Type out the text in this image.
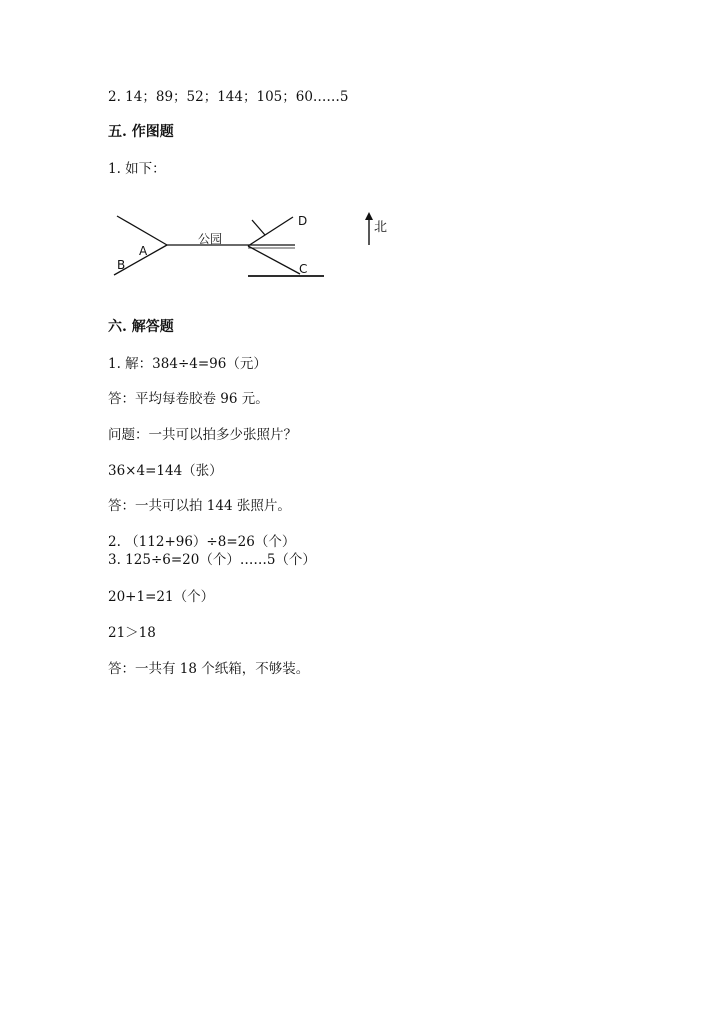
2. 14；89；52；144；105；60……5
五. 作图题
1. 如下：
公园
A
B
D
C
北
六. 解答题
1. 解：384÷4=96（元）
答：平均每卷胶卷 96 元。
问题：一共可以拍多少张照片？
36×4=144（张）
答：一共可以拍 144 张照片。
2. （112+96）÷8=26（个）
3. 125÷6=20（个）……5（个）
20+1=21（个）
21＞18
答：一共有 18 个纸箱，不够装。
